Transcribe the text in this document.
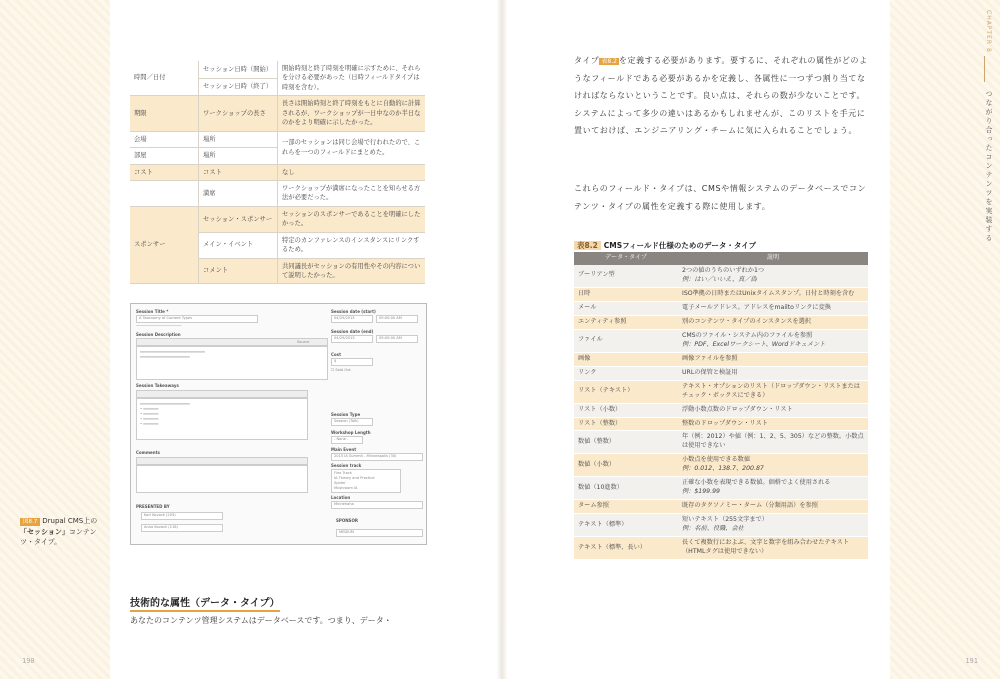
190	191
CHAPTER 8
つながり合ったコンテンツを実装する
時間／日付	セッション日時（開始）	開始時刻と終了時刻を明確に示すために、それらを分ける必要があった（日時フィールドタイプは時刻を含む）。
	セッション日時（終了）	
期限	ワークショップの長さ	長さは開始時刻と終了時刻をもとに自動的に計算されるが、ワークショップが一日中なのか半日なのかをより明確に示したかった。
会場	場所	一部のセッションは同じ会場で行われたので、これらを一つのフィールドにまとめた。
部屋	場所	
コスト	コスト	なし
	満席	ワークショップが満席になったことを知らせる方法が必要だった。
スポンサー	セッション・スポンサー	セッションのスポンサーであることを明確にしたかった。
	メイン・イベント	特定のカンファレンスのインスタンスにリンクするため。
	コメント	共同議長がセッションの有用性やその内容について説明したかった。
Session Title *
A Taxonomy of Content Types
─────────────────────
Session Description
Source
══════════════════════════════
═══════════════════════
Session Takeaways
═══════════════════════
• ═══════
• ═══════
• ═══════
• ═══════
Comments
PRESENTED BY
Kari Kovack (203)
Anna Kovack (218)
Session date (start)
04/29/2015	09:00:00 AM
Session date (end)
04/29/2015	09:00:00 AM
Cost
$
☐ Sold Out
Session Type
Session (Talk)
Workshop Length
- None -
Main Event
2015 IA Summit - Minneapolis (30)
Session track
Flex Track
IA Theory and Practice
Spider
Mushroom IA
Location
Minnehaha
SPONSOR
MEDIUM
図8.7 Drupal CMS上の「セッション」コンテンツ・タイプ。
技術的な属性（データ・タイプ）
あなたのコンテンツ管理システムはデータベースです。つまり、データ・
タイプ 表8.2 を定義する必要があります。要するに、それぞれの属性がどのようなフィールドである必要があるかを定義し、各属性に一つずつ割り当てなければならないということです。良い点は、それらの数が少ないことです。システムによって多少の違いはあるかもしれませんが、このリストを手元に置いておけば、エンジニアリング・チームに気に入られることでしょう。
これらのフィールド・タイプは、CMSや情報システムのデータベースでコンテンツ・タイプの属性を定義する際に使用します。
表8.2 CMSフィールド仕様のためのデータ・タイプ
データ・タイプ	説明
ブーリアン型	2つの値のうちのいずれか1つ
例：はい／いいえ、真／偽

日時	ISO準拠の日時またはUnixタイムスタンプ。日付と時刻を含む

メール	電子メールアドレス。アドレスをmailtoリンクに変換

エンティティ参照	別のコンテンツ・タイプのインスタンスを選択

ファイル	CMSのファイル・システム内のファイルを参照
例：PDF、Excelワークシート、Wordドキュメント

画像	画像ファイルを参照

リンク	URLの保管と検証用

リスト（テキスト）	テキスト・オプションのリスト（ドロップダウン・リストまたはチェック・ボックスにできる）

リスト（小数）	浮動小数点数のドロップダウン・リスト

リスト（整数）	整数のドロップダウン・リスト

数値（整数）	年（例：2012）や値（例：1、2、5、305）などの整数。小数点は使用できない

数値（小数）	小数点を使用できる数値
例：0.012、138.7、200.87

数値（10進数）	正確な小数を表現できる数値。価格でよく使用される
例：$199.99

ターム参照	既存のタクソノミー・ターム（分類用語）を参照

テキスト（標準）	短いテキスト（255文字まで）
例：名前、役職、会社

テキスト（標準、長い）	長くて複数行におよぶ、文字と数字を組み合わせたテキスト（HTMLタグは使用できない）
